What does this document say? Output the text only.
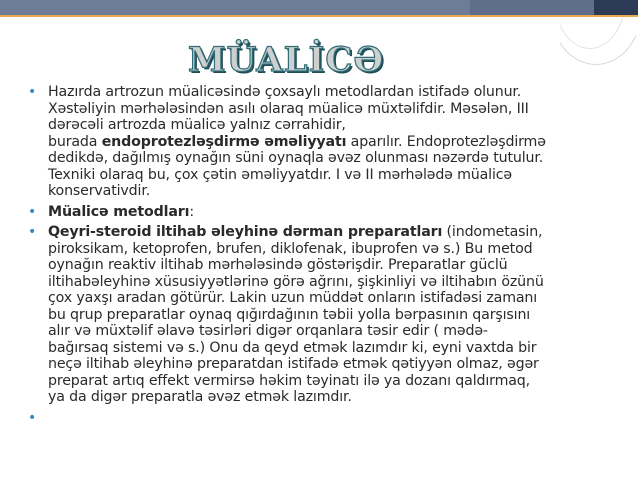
MÜALİCƏ
• Hazırda artrozun müalicəsində çoxsaylı metodlardan istifadə olunur.
Xəstəliyin mərhələsindən asılı olaraq müalicə müxtəlifdir. Məsələn, III
dərəcəli artrozda müalicə yalnız cərrahidir,
burada endoprotezləşdirmə əməliyyatı aparılır. Endoprotezləşdirmə
dedikdə, dağılmış oynağın süni oynaqla əvəz olunması nəzərdə tutulur.
Texniki olaraq bu, çox çətin əməliyyatdır. I və II mərhələdə müalicə
konservativdir.
• Müalicə metodları:
• Qeyri-steroid iltihab əleyhinə dərman preparatları (indometasin,
piroksikam, ketoprofen, brufen, diklofenak, ibuprofen və s.) Bu metod
oynağın reaktiv iltihab mərhələsində göstərişdir. Preparatlar güclü
iltihabəleyhinə xüsusiyyətlərinə görə ağrını, şişkinliyi və iltihabın özünü
çox yaxşı aradan götürür. Lakin uzun müddət onların istifadəsi zamanı
bu qrup preparatlar oynaq qığırdağının təbii yolla bərpasının qarşısını
alır və müxtəlif əlavə təsirləri digər orqanlara təsir edir ( mədə-
bağırsaq sistemi və s.) Onu da qeyd etmək lazımdır ki, eyni vaxtda bir
neçə iltihab əleyhinə preparatdan istifadə etmək qətiyyən olmaz, əgər
preparat artıq effekt vermirsə həkim təyinatı ilə ya dozanı qaldırmaq,
ya da digər preparatla əvəz etmək lazımdır.
•
